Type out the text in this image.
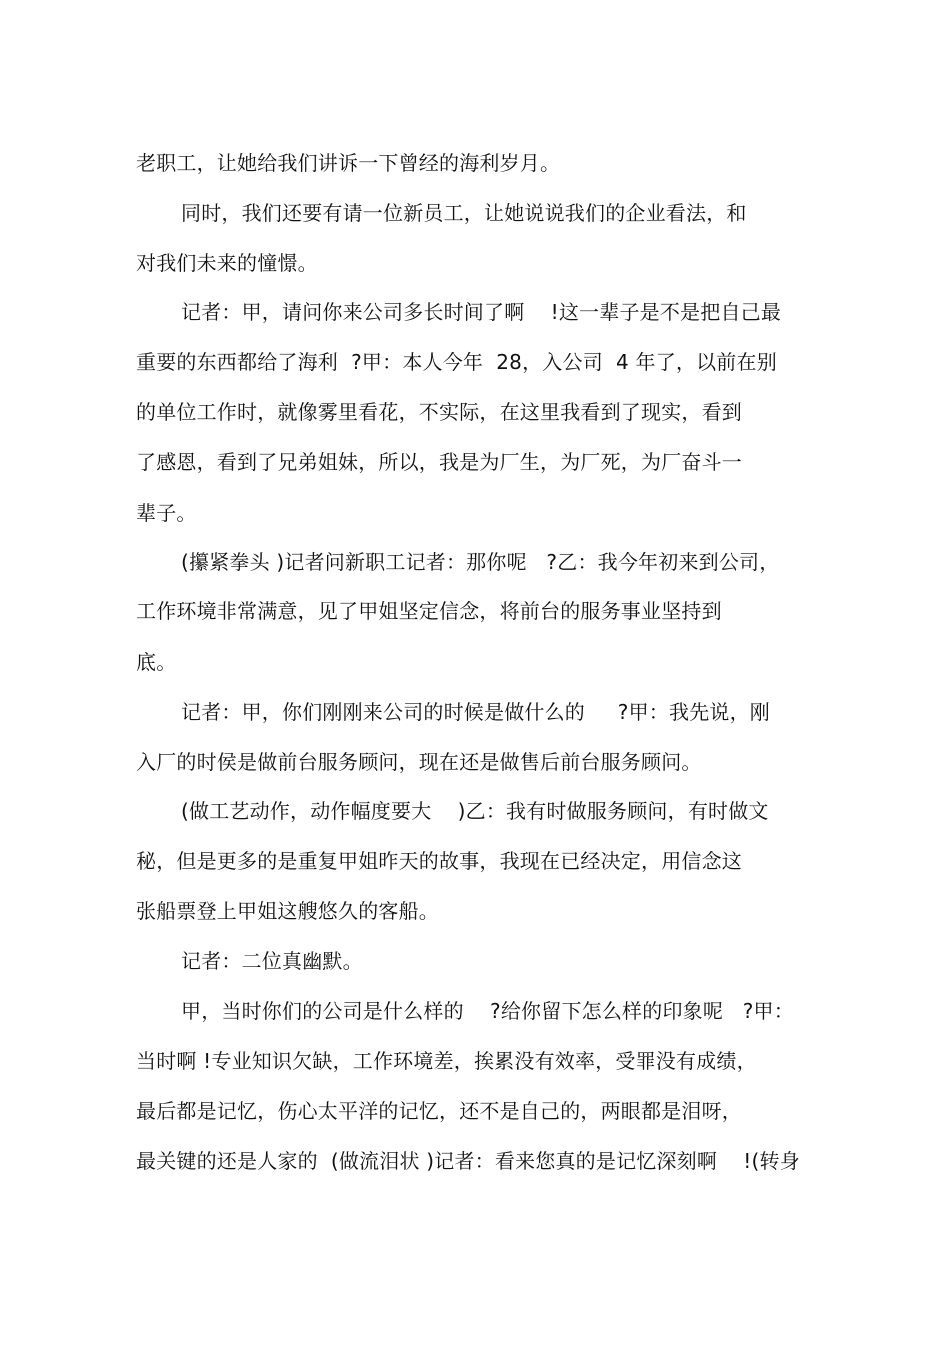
老职工，让她给我们讲诉一下曾经的海利岁月。
同时，我们还要有请一位新员工，让她说说我们的企业看法，和
对我们未来的憧憬。
记者：甲，请问你来公司多长时间了啊    !这一辈子是不是把自己最
重要的东西都给了海利  ?甲：本人今年  28，入公司  4 年了，以前在别
的单位工作时，就像雾里看花，不实际，在这里我看到了现实，看到
了感恩，看到了兄弟姐妹，所以，我是为厂生，为厂死，为厂奋斗一
辈子。
(攥紧拳头 )记者问新职工记者：那你呢   ?乙：我今年初来到公司，
工作环境非常满意，见了甲姐坚定信念，将前台的服务事业坚持到
底。
记者：甲，你们刚刚来公司的时候是做什么的     ?甲：我先说，刚
入厂的时侯是做前台服务顾问，现在还是做售后前台服务顾问。
(做工艺动作，动作幅度要大    )乙：我有时做服务顾问，有时做文
秘，但是更多的是重复甲姐昨天的故事，我现在已经决定，用信念这
张船票登上甲姐这艘悠久的客船。
记者：二位真幽默。
甲，当时你们的公司是什么样的    ?给你留下怎么样的印象呢   ?甲：
当时啊 !专业知识欠缺，工作环境差，挨累没有效率，受罪没有成绩，
最后都是记忆，伤心太平洋的记忆，还不是自己的，两眼都是泪呀，
最关键的还是人家的  (做流泪状 )记者：看来您真的是记忆深刻啊    !(转身
